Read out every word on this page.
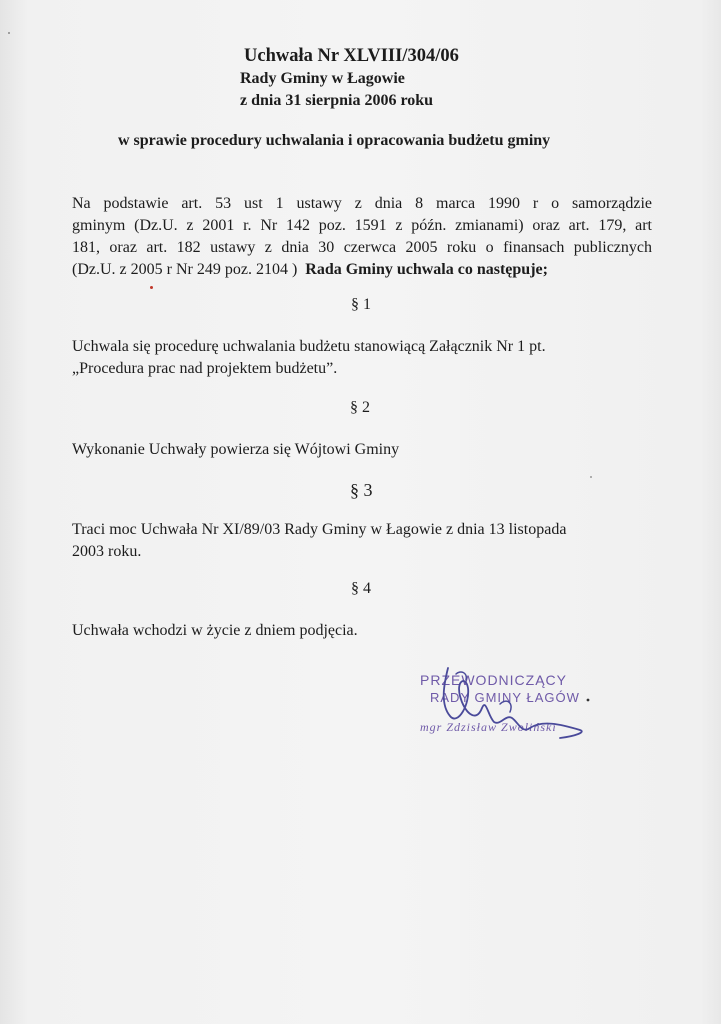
Uchwała Nr XLVIII/304/06
Rady Gminy w Łagowie
z dnia 31 sierpnia 2006 roku
w sprawie procedury uchwalania i opracowania budżetu gminy
Na podstawie art. 53 ust 1 ustawy z dnia 8 marca 1990 r o samorządzie
gminym (Dz.U. z 2001 r. Nr 142 poz. 1591 z późn. zmianami) oraz art. 179, art
181, oraz art. 182 ustawy z dnia 30 czerwca 2005 roku o finansach publicznych
(Dz.U. z 2005 r Nr 249 poz. 2104 ) Rada Gminy uchwala co następuje;
§ 1
Uchwala się procedurę uchwalania budżetu stanowiącą Załącznik Nr 1 pt.
„Procedura prac nad projektem budżetu”.
§ 2
Wykonanie Uchwały powierza się Wójtowi Gminy
§ 3
Traci moc Uchwała Nr XI/89/03 Rady Gminy w Łagowie z dnia 13 listopada
2003 roku.
§ 4
Uchwała wchodzi w życie z dniem podjęcia.
PRZEWODNICZĄCY
RADY GMINY ŁAGÓW
mgr Zdzisław Zwoliński
